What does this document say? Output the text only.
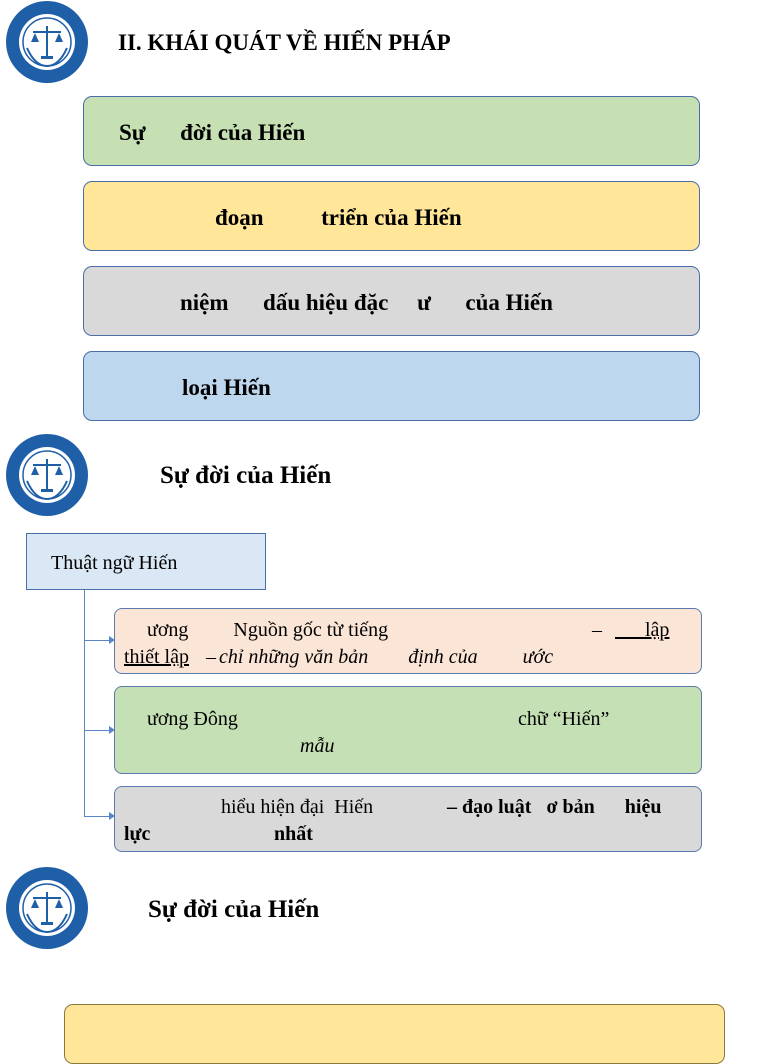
II. KHÁI QUÁT VỀ HIẾN PHÁP
Sự      đời của Hiến
đoạn          triển của Hiến
niệm      dấu hiệu đặc     ư      của Hiến
loại Hiến
Sự đời của Hiến
Thuật ngữ Hiến
ương         Nguồn gốc từ tiếng	– lập
thiết lập –
chỉ những văn bản        định của         ước
ương Đông	chữ “Hiến”
mẫu
hiểu hiện đại  Hiến	– đạo luật   ơ bản      hiệu
lực	nhất
Sự đời của Hiến
